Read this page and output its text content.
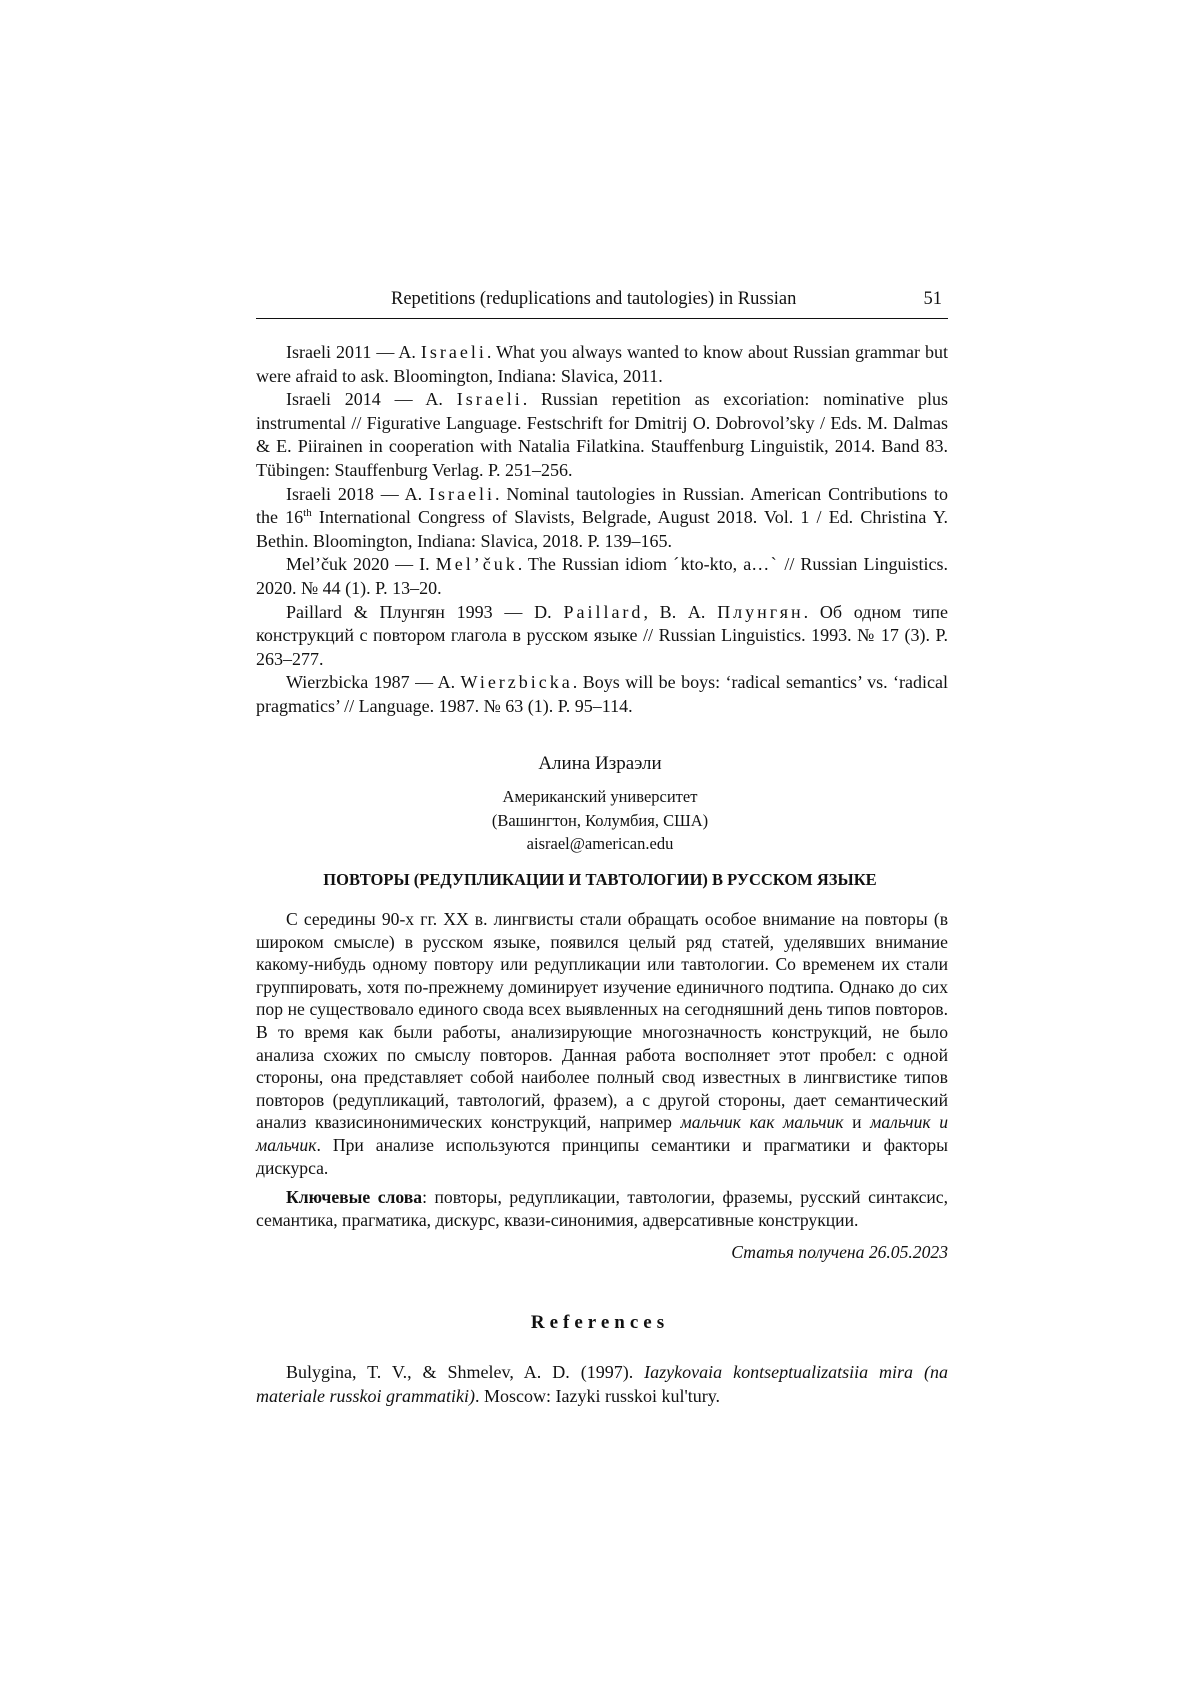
Repetitions (reduplications and tautologies) in Russian	51

Israeli 2011 — A. Israeli. What you always wanted to know about Russian grammar but were afraid to ask. Bloomington, Indiana: Slavica, 2011.

Israeli 2014 — A. Israeli. Russian repetition as excoriation: nominative plus instrumental // Figurative Language. Festschrift for Dmitrij O. Dobrovol’sky / Eds. M. Dalmas & E. Piirainen in cooperation with Natalia Filatkina. Stauffenburg Linguistik, 2014. Band 83. Tübingen: Stauffenburg Verlag. P. 251–256.

Israeli 2018 — A. Israeli. Nominal tautologies in Russian. American Contributions to the 16th International Congress of Slavists, Belgrade, August 2018. Vol. 1 / Ed. Christina Y. Bethin. Bloomington, Indiana: Slavica, 2018. P. 139–165.

Mel’čuk 2020 — I. Mel’čuk. The Russian idiom ˊkto-kto, a…ˋ // Russian Linguistics. 2020. № 44 (1). P. 13–20.

Paillard & Плунгян 1993 — D. Paillard, В. А. Плунгян. Об одном типе конструкций с повтором глагола в русском языке // Russian Linguistics. 1993. № 17 (3). P. 263–277.

Wierzbicka 1987 — A. Wierzbicka. Boys will be boys: ‘radical semantics’ vs. ‘radical pragmatics’ // Language. 1987. № 63 (1). P. 95–114.

Алина Израэли
Американский университет
(Вашингтон, Колумбия, США)
aisrael@american.edu
ПОВТОРЫ (РЕДУПЛИКАЦИИ И ТАВТОЛОГИИ) В РУССКОМ ЯЗЫКЕ

С середины 90-х гг. XX в. лингвисты стали обращать особое внимание на повторы (в широком смысле) в русском языке, появился целый ряд статей, уделявших внимание какому-нибудь одному повтору или редупликации или тавтологии. Со временем их стали группировать, хотя по-прежнему доминирует изучение единичного подтипа. Однако до сих пор не существовало единого свода всех выявленных на сегодняшний день типов повторов. В то время как были работы, анализирующие многозначность конструкций, не было анализа схожих по смыслу повторов. Данная работа восполняет этот пробел: с одной стороны, она представляет собой наиболее полный свод известных в лингвистике типов повторов (редупликаций, тавтологий, фразем), а с другой стороны, дает семантический анализ квазисинонимических конструкций, например мальчик как мальчик и мальчик и мальчик. При анализе используются принципы семантики и прагматики и факторы дискурса.

Ключевые слова: повторы, редупликации, тавтологии, фраземы, русский синтаксис, семантика, прагматика, дискурс, квази-синонимия, адверсативные конструкции.

Статья получена 26.05.2023
References

Bulygina, T. V., & Shmelev, A. D. (1997). Iazykovaia kontseptualizatsiia mira (na materiale russkoi grammatiki). Moscow: Iazyki russkoi kul'tury.
